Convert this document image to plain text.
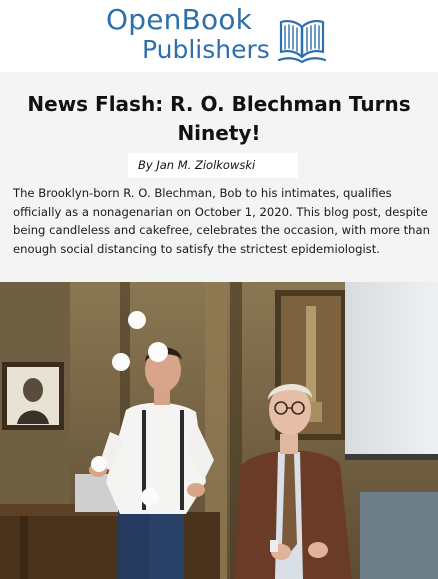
OpenBook
Publishers
News Flash: R. O. Blechman Turns Ninety!
By Jan M. Ziolkowski

The Brooklyn-born R. O. Blechman, Bob to his intimates, qualifies officially as a nonagenarian on October 1, 2020. This blog post, despite being candleless and cakefree, celebrates the occasion, with more than enough social distancing to satisfy the strictest epidemiologist.
